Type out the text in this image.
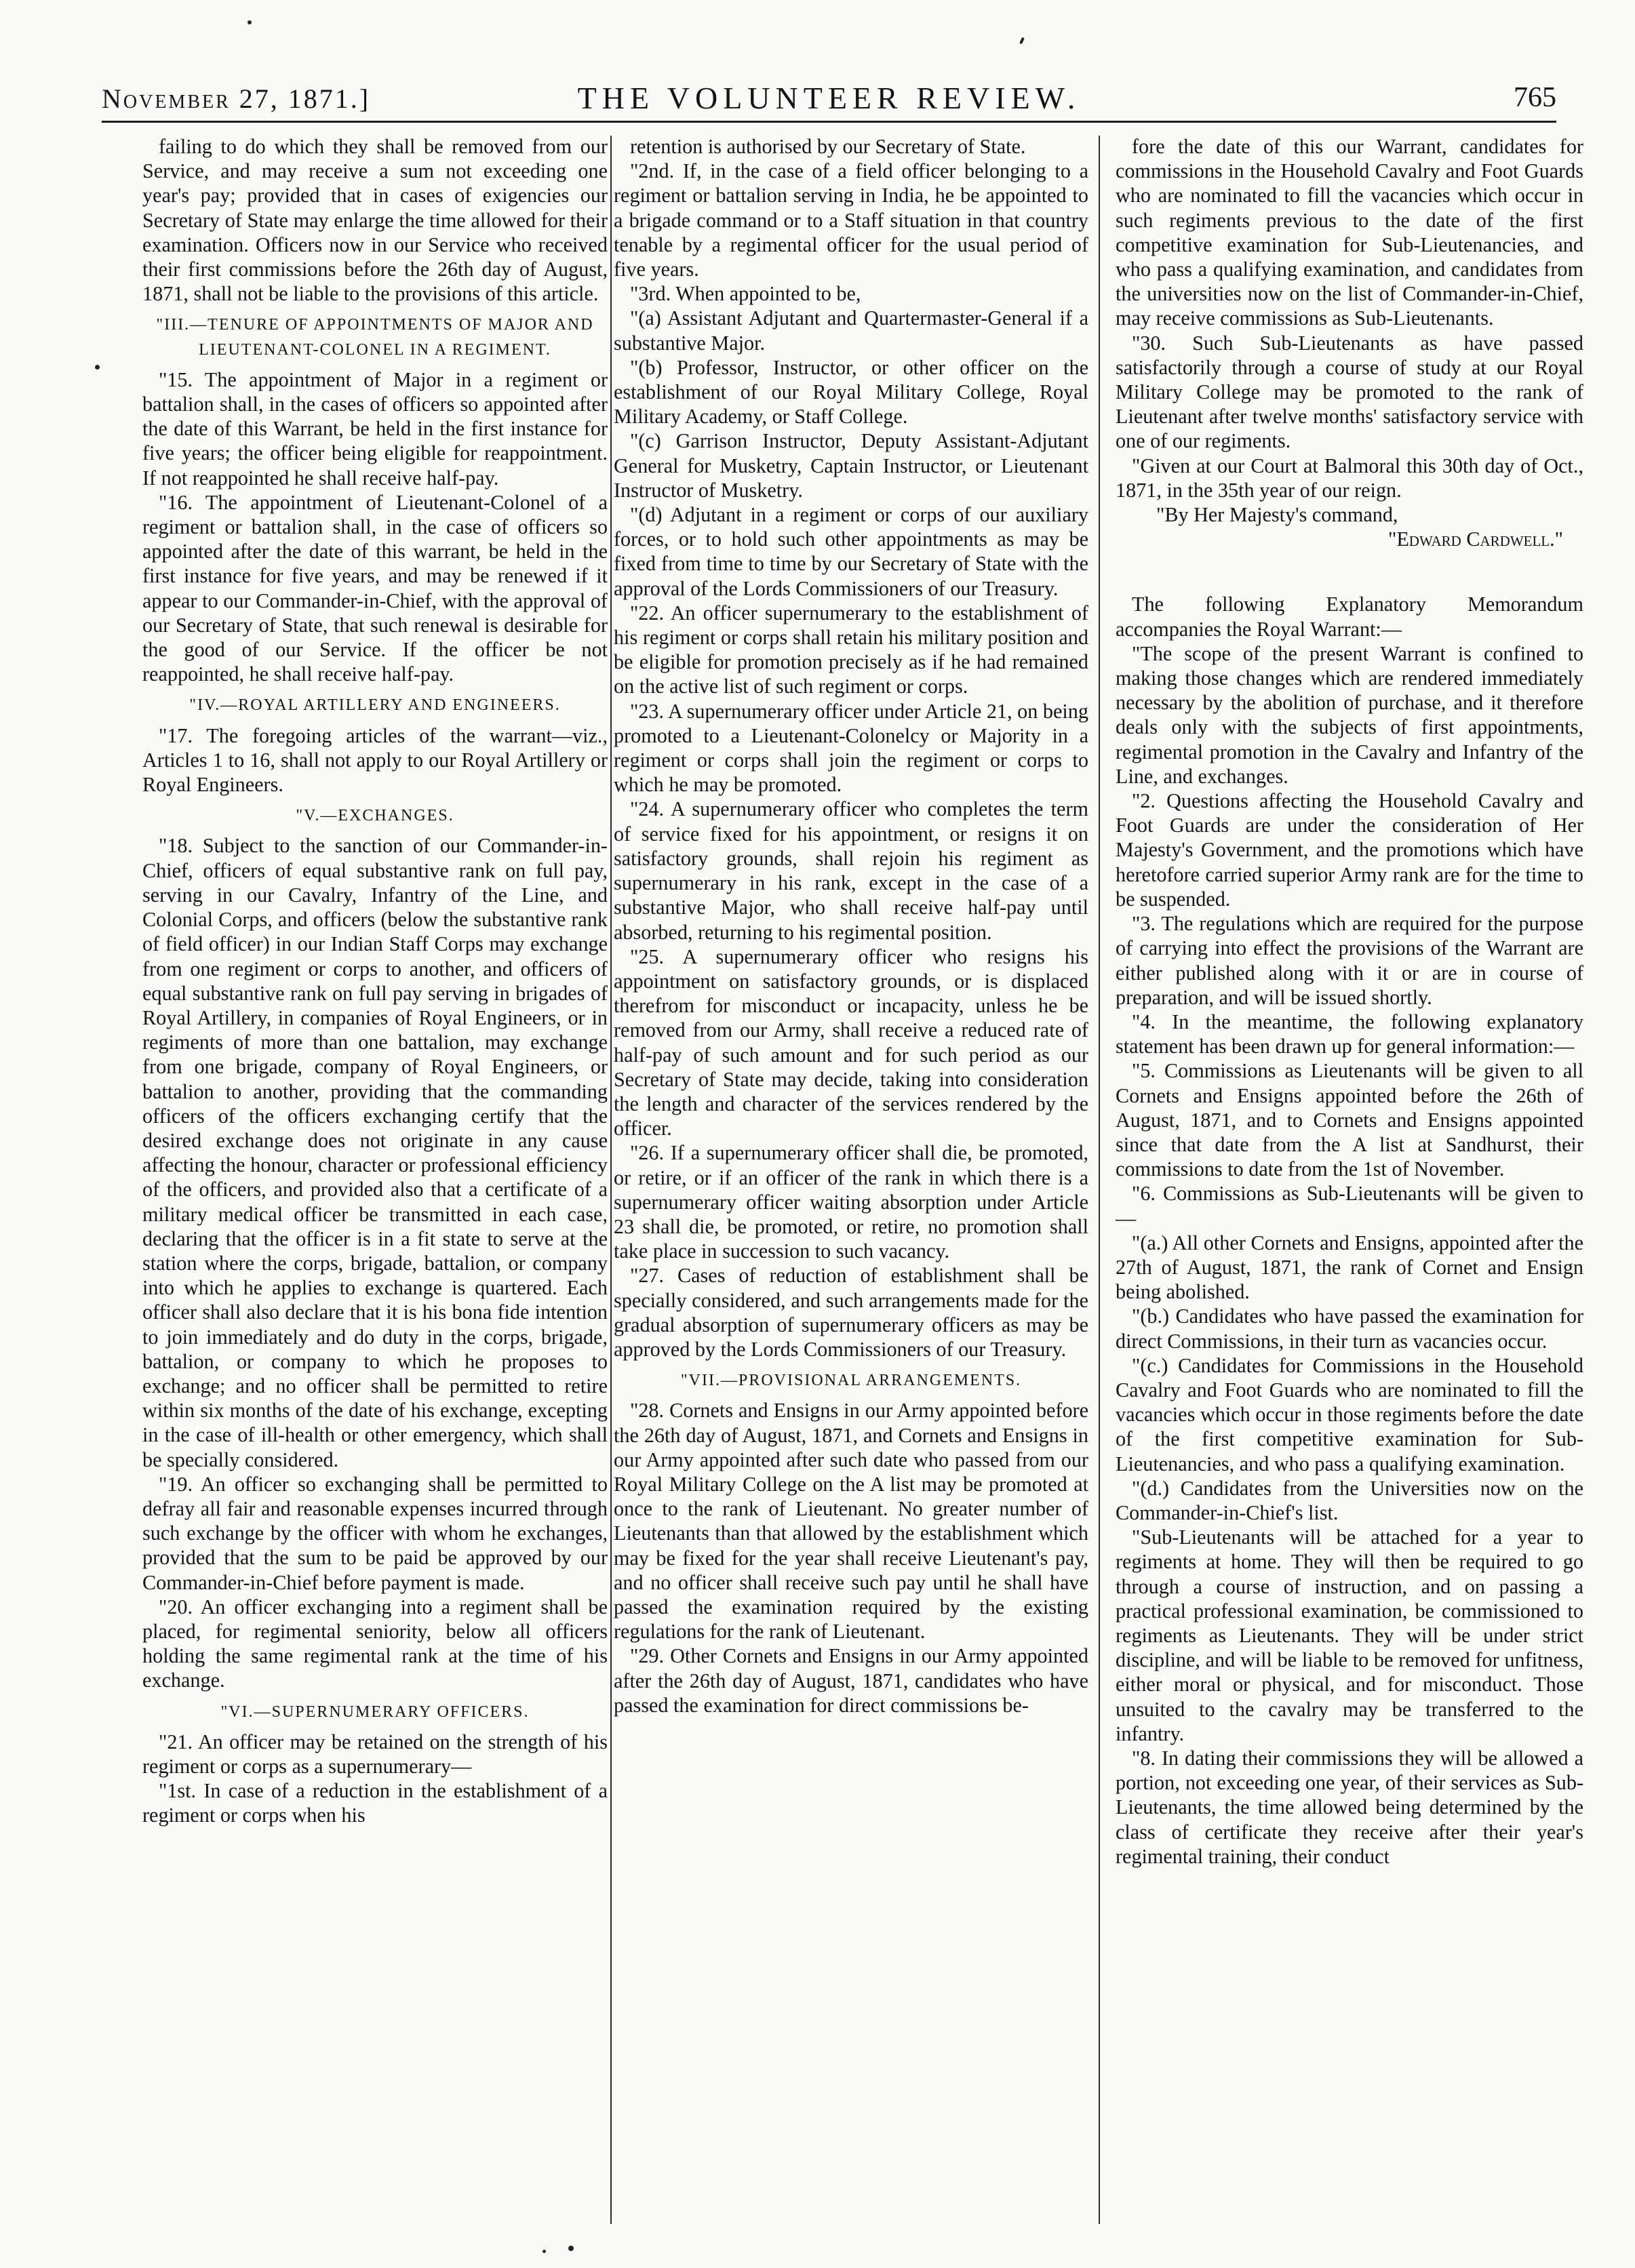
November 27, 1871.]	THE VOLUNTEER REVIEW.	765

failing to do which they shall be removed from our Service, and may receive a sum not exceeding one year's pay; provided that in cases of exigencies our Secretary of State may enlarge the time allowed for their examination. Officers now in our Service who received their first commissions before the 26th day of August, 1871, shall not be liable to the provisions of this article.

"III.—TENURE OF APPOINTMENTS OF MAJOR AND LIEUTENANT-COLONEL IN A REGIMENT.

"15. The appointment of Major in a regiment or battalion shall, in the cases of officers so appointed after the date of this Warrant, be held in the first instance for five years; the officer being eligible for reappointment. If not reappointed he shall receive half-pay.

"16. The appointment of Lieutenant-Colonel of a regiment or battalion shall, in the case of officers so appointed after the date of this warrant, be held in the first instance for five years, and may be renewed if it appear to our Commander-in-Chief, with the approval of our Secretary of State, that such renewal is desirable for the good of our Service. If the officer be not reappointed, he shall receive half-pay.

"IV.—ROYAL ARTILLERY AND ENGINEERS.

"17. The foregoing articles of the warrant—viz., Articles 1 to 16, shall not apply to our Royal Artillery or Royal Engineers.

"V.—EXCHANGES.

"18. Subject to the sanction of our Commander-in-Chief, officers of equal substantive rank on full pay, serving in our Cavalry, Infantry of the Line, and Colonial Corps, and officers (below the substantive rank of field officer) in our Indian Staff Corps may exchange from one regiment or corps to another, and officers of equal substantive rank on full pay serving in brigades of Royal Artillery, in companies of Royal Engineers, or in regiments of more than one battalion, may exchange from one brigade, company of Royal Engineers, or battalion to another, providing that the commanding officers of the officers exchanging certify that the desired exchange does not originate in any cause affecting the honour, character or professional efficiency of the officers, and provided also that a certificate of a military medical officer be transmitted in each case, declaring that the officer is in a fit state to serve at the station where the corps, brigade, battalion, or company into which he applies to exchange is quartered. Each officer shall also declare that it is his bona fide intention to join immediately and do duty in the corps, brigade, battalion, or company to which he proposes to exchange; and no officer shall be permitted to retire within six months of the date of his exchange, excepting in the case of ill-health or other emergency, which shall be specially considered.

"19. An officer so exchanging shall be permitted to defray all fair and reasonable expenses incurred through such exchange by the officer with whom he exchanges, provided that the sum to be paid be approved by our Commander-in-Chief before payment is made.

"20. An officer exchanging into a regiment shall be placed, for regimental seniority, below all officers holding the same regimental rank at the time of his exchange.

"VI.—SUPERNUMERARY OFFICERS.

"21. An officer may be retained on the strength of his regiment or corps as a supernumerary—

"1st. In case of a reduction in the establishment of a regiment or corps when his

retention is authorised by our Secretary of State.

"2nd. If, in the case of a field officer belonging to a regiment or battalion serving in India, he be appointed to a brigade command or to a Staff situation in that country tenable by a regimental officer for the usual period of five years.

"3rd. When appointed to be,

"(a) Assistant Adjutant and Quartermaster-General if a substantive Major.

"(b) Professor, Instructor, or other officer on the establishment of our Royal Military College, Royal Military Academy, or Staff College.

"(c) Garrison Instructor, Deputy Assistant-Adjutant General for Musketry, Captain Instructor, or Lieutenant Instructor of Musketry.

"(d) Adjutant in a regiment or corps of our auxiliary forces, or to hold such other appointments as may be fixed from time to time by our Secretary of State with the approval of the Lords Commissioners of our Treasury.

"22. An officer supernumerary to the establishment of his regiment or corps shall retain his military position and be eligible for promotion precisely as if he had remained on the active list of such regiment or corps.

"23. A supernumerary officer under Article 21, on being promoted to a Lieutenant-Colonelcy or Majority in a regiment or corps shall join the regiment or corps to which he may be promoted.

"24. A supernumerary officer who completes the term of service fixed for his appointment, or resigns it on satisfactory grounds, shall rejoin his regiment as supernumerary in his rank, except in the case of a substantive Major, who shall receive half-pay until absorbed, returning to his regimental position.

"25. A supernumerary officer who resigns his appointment on satisfactory grounds, or is displaced therefrom for misconduct or incapacity, unless he be removed from our Army, shall receive a reduced rate of half-pay of such amount and for such period as our Secretary of State may decide, taking into consideration the length and character of the services rendered by the officer.

"26. If a supernumerary officer shall die, be promoted, or retire, or if an officer of the rank in which there is a supernumerary officer waiting absorption under Article 23 shall die, be promoted, or retire, no promotion shall take place in succession to such vacancy.

"27. Cases of reduction of establishment shall be specially considered, and such arrangements made for the gradual absorption of supernumerary officers as may be approved by the Lords Commissioners of our Treasury.

"VII.—PROVISIONAL ARRANGEMENTS.

"28. Cornets and Ensigns in our Army appointed before the 26th day of August, 1871, and Cornets and Ensigns in our Army appointed after such date who passed from our Royal Military College on the A list may be promoted at once to the rank of Lieutenant. No greater number of Lieutenants than that allowed by the establishment which may be fixed for the year shall receive Lieutenant's pay, and no officer shall receive such pay until he shall have passed the examination required by the existing regulations for the rank of Lieutenant.

"29. Other Cornets and Ensigns in our Army appointed after the 26th day of August, 1871, candidates who have passed the examination for direct commissions be-

fore the date of this our Warrant, candidates for commissions in the Household Cavalry and Foot Guards who are nominated to fill the vacancies which occur in such regiments previous to the date of the first competitive examination for Sub-Lieutenancies, and who pass a qualifying examination, and candidates from the universities now on the list of Commander-in-Chief, may receive commissions as Sub-Lieutenants.

"30. Such Sub-Lieutenants as have passed satisfactorily through a course of study at our Royal Military College may be promoted to the rank of Lieutenant after twelve months' satisfactory service with one of our regiments.

"Given at our Court at Balmoral this 30th day of Oct., 1871, in the 35th year of our reign.

"By Her Majesty's command,

"Edward Cardwell."

The following Explanatory Memorandum accompanies the Royal Warrant:—

"The scope of the present Warrant is confined to making those changes which are rendered immediately necessary by the abolition of purchase, and it therefore deals only with the subjects of first appointments, regimental promotion in the Cavalry and Infantry of the Line, and exchanges.

"2. Questions affecting the Household Cavalry and Foot Guards are under the consideration of Her Majesty's Government, and the promotions which have heretofore carried superior Army rank are for the time to be suspended.

"3. The regulations which are required for the purpose of carrying into effect the provisions of the Warrant are either published along with it or are in course of preparation, and will be issued shortly.

"4. In the meantime, the following explanatory statement has been drawn up for general information:—

"5. Commissions as Lieutenants will be given to all Cornets and Ensigns appointed before the 26th of August, 1871, and to Cornets and Ensigns appointed since that date from the A list at Sandhurst, their commissions to date from the 1st of November.

"6. Commissions as Sub-Lieutenants will be given to—

"(a.) All other Cornets and Ensigns, appointed after the 27th of August, 1871, the rank of Cornet and Ensign being abolished.

"(b.) Candidates who have passed the examination for direct Commissions, in their turn as vacancies occur.

"(c.) Candidates for Commissions in the Household Cavalry and Foot Guards who are nominated to fill the vacancies which occur in those regiments before the date of the first competitive examination for Sub-Lieutenancies, and who pass a qualifying examination.

"(d.) Candidates from the Universities now on the Commander-in-Chief's list.

"Sub-Lieutenants will be attached for a year to regiments at home. They will then be required to go through a course of instruction, and on passing a practical professional examination, be commissioned to regiments as Lieutenants. They will be under strict discipline, and will be liable to be removed for unfitness, either moral or physical, and for misconduct. Those unsuited to the cavalry may be transferred to the infantry.

"8. In dating their commissions they will be allowed a portion, not exceeding one year, of their services as Sub-Lieutenants, the time allowed being determined by the class of certificate they receive after their year's regimental training, their conduct
